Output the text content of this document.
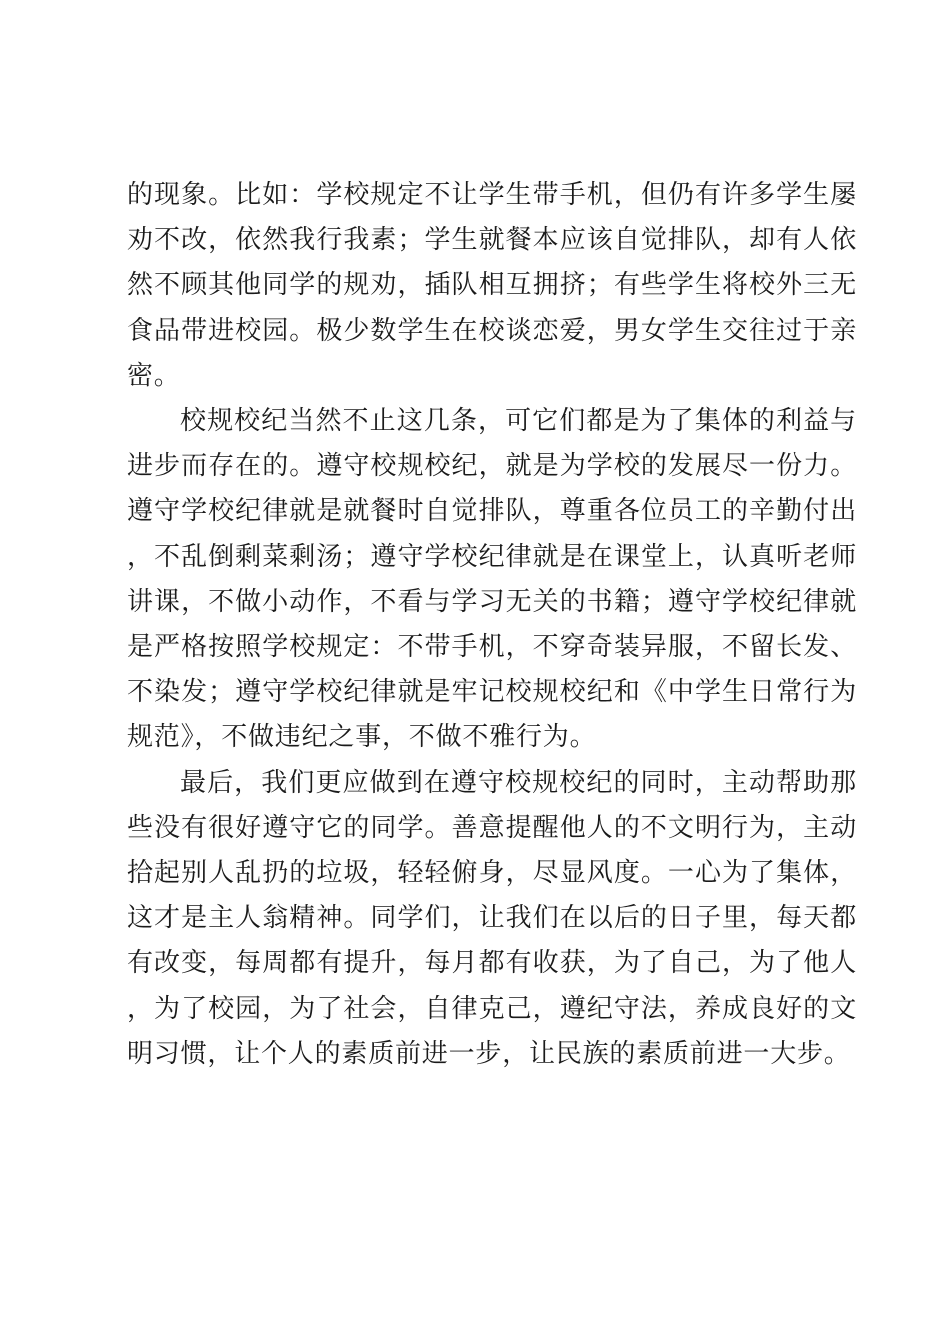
的现象。比如：学校规定不让学生带手机，但仍有许多学生屡劝不改，依然我行我素；学生就餐本应该自觉排队，却有人依然不顾其他同学的规劝，插队相互拥挤；有些学生将校外三无食品带进校园。极少数学生在校谈恋爱，男女学生交往过于亲密。

校规校纪当然不止这几条，可它们都是为了集体的利益与进步而存在的。遵守校规校纪，就是为学校的发展尽一份力。遵守学校纪律就是就餐时自觉排队，尊重各位员工的辛勤付出，不乱倒剩菜剩汤；遵守学校纪律就是在课堂上，认真听老师讲课，不做小动作，不看与学习无关的书籍；遵守学校纪律就是严格按照学校规定：不带手机，不穿奇装异服，不留长发、不染发；遵守学校纪律就是牢记校规校纪和《中学生日常行为规范》，不做违纪之事，不做不雅行为。

最后，我们更应做到在遵守校规校纪的同时，主动帮助那些没有很好遵守它的同学。善意提醒他人的不文明行为，主动拾起别人乱扔的垃圾，轻轻俯身，尽显风度。一心为了集体，这才是主人翁精神。同学们，让我们在以后的日子里，每天都有改变，每周都有提升，每月都有收获，为了自己，为了他人，为了校园，为了社会，自律克己，遵纪守法，养成良好的文明习惯，让个人的素质前进一步，让民族的素质前进一大步。
